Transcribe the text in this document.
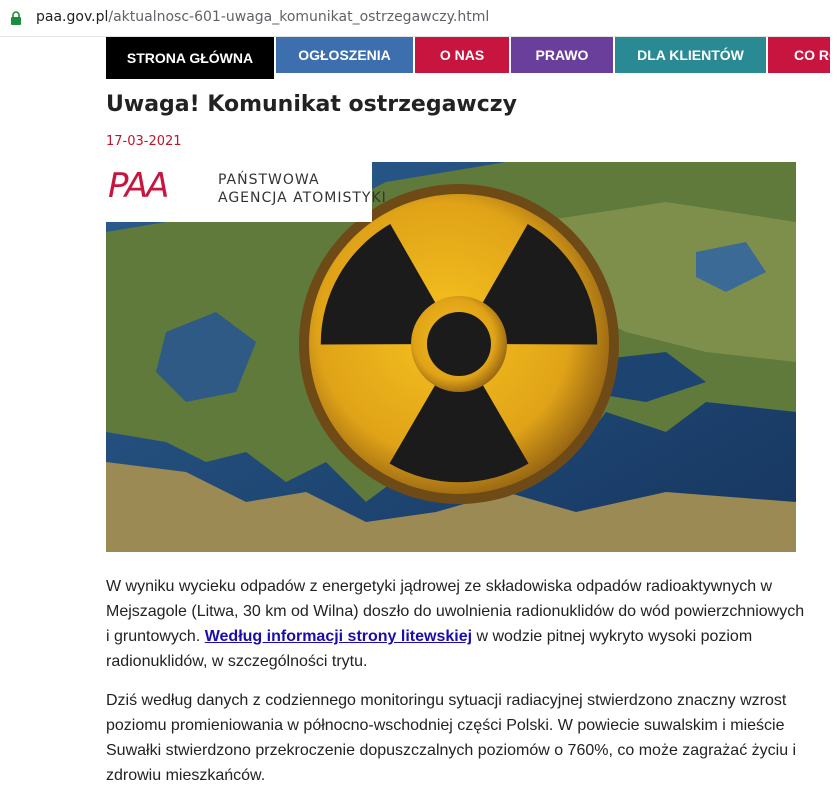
paa.gov.pl/aktualnosc-601-uwaga_komunikat_ostrzegawczy.html
STRONA GŁÓWNA	OGŁOSZENIA	O NAS	PRAWO	DLA KLIENTÓW	CO RO
Uwaga! Komunikat ostrzegawczy
17-03-2021
PAA	PAŃSTWOWA
AGENCJA ATOMISTYKI

W wyniku wycieku odpadów z energetyki jądrowej ze składowiska odpadów radioaktywnych w Mejszagole (Litwa, 30 km od Wilna) doszło do uwolnienia radionuklidów do wód powierzchniowych i gruntowych. Według informacji strony litewskiej w wodzie pitnej wykryto wysoki poziom radionuklidów, w szczególności trytu.

Dziś według danych z codziennego monitoringu sytuacji radiacyjnej stwierdzono znaczny wzrost poziomu promieniowania w północno-wschodniej części Polski. W powiecie suwalskim i mieście Suwałki stwierdzono przekroczenie dopuszczalnych poziomów o 760%, co może zagrażać życiu i zdrowiu mieszkańców.
